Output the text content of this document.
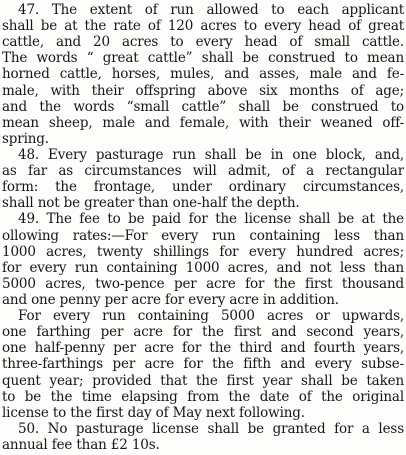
47. The extent of run allowed to each applicant

shall be at the rate of 120 acres to every head of great

cattle, and 20 acres to every head of small cattle.

The words “ great cattle” shall be construed to mean

horned cattle, horses, mules, and asses, male and fe-

male, with their offspring above six months of age;

and the words “small cattle” shall be construed to

mean sheep, male and female, with their weaned off-

spring.

48. Every pasturage run shall be in one block, and,

as far as circumstances will admit, of a rectangular

form: the frontage, under ordinary circumstances,

shall not be greater than one-half the depth.

49. The fee to be paid for the license shall be at the

ollowing rates:—For every run containing less than

1000 acres, twenty shillings for every hundred acres;

for every run containing 1000 acres, and not less than

5000 acres, two-pence per acre for the first thousand

and one penny per acre for every acre in addition.

For every run containing 5000 acres or upwards,

one farthing per acre for the first and second years,

one half-penny per acre for the third and fourth years,

three-farthings per acre for the fifth and every subse-

quent year; provided that the first year shall be taken

to be the time elapsing from the date of the original

license to the first day of May next following.

50. No pasturage license shall be granted for a less

annual fee than £2 10s.
